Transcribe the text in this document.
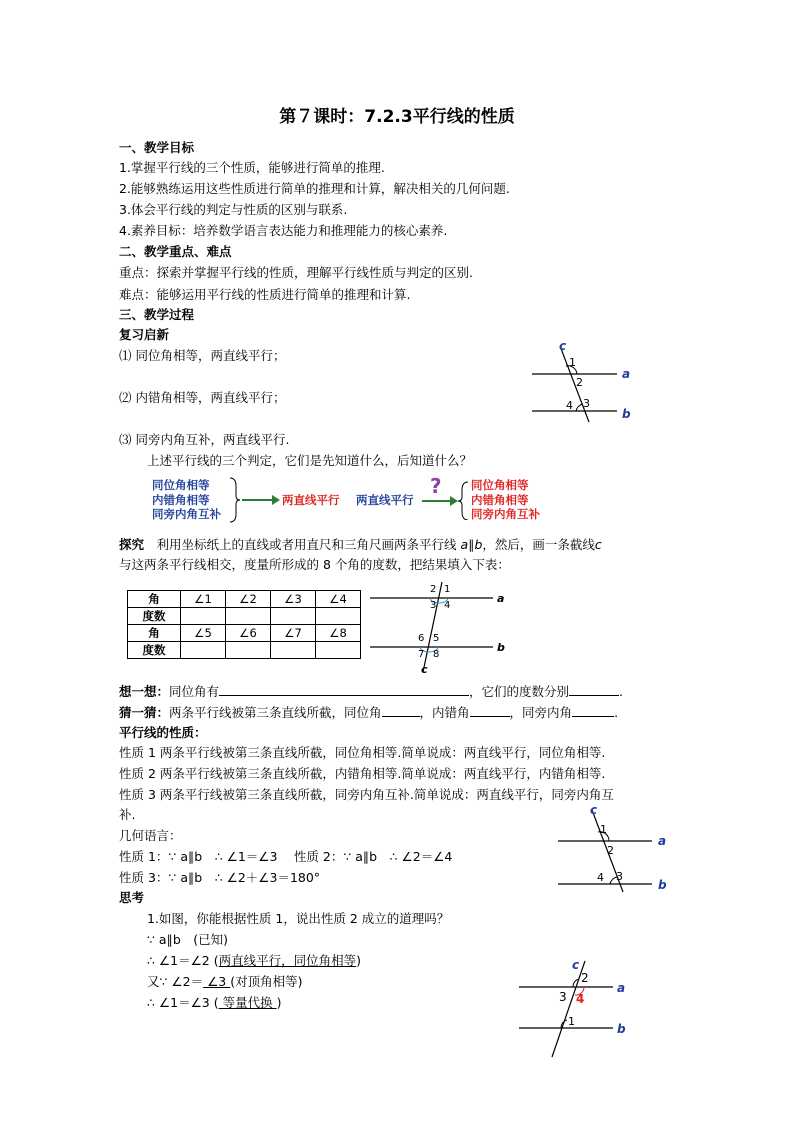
第７课时：7.2.3平行线的性质
一、教学目标
1.掌握平行线的三个性质，能够进行简单的推理.
2.能够熟练运用这些性质进行简单的推理和计算，解决相关的几何问题.
3.体会平行线的判定与性质的区别与联系.
4.素养目标：培养数学语言表达能力和推理能力的核心素养.
二、教学重点、难点
重点：探索并掌握平行线的性质，理解平行线性质与判定的区别.
难点：能够运用平行线的性质进行简单的推理和计算.
三、教学过程
复习启新
⑴ 同位角相等，两直线平行；
⑵ 内错角相等，两直线平行；
⑶ 同旁内角互补，两直线平行.
上述平行线的三个判定，它们是先知道什么，后知道什么？
c
a
b
1
2
3
4
同位角相等
内错角相等
同旁内角互补
两直线平行 两直线平行
?	同位角相等
内错角相等
同旁内角互补
探究　 利用坐标纸上的直线或者用直尺和三角尺画两条平行线 a∥b，然后，画一条截线c
与这两条平行线相交，度量所形成的 8 个角的度数，把结果填入下表：
角	∠1	∠2	∠3	∠4
度数				
角	∠5	∠6	∠7	∠8
度数				
2 1
3 4
6 5
7 8
a
b
c
想一想：同位角有	，它们的度数分别	.
猜一猜：两条平行线被第三条直线所截，同位角	，内错角	，同旁内角	.
平行线的性质：
性质 1 两条平行线被第三条直线所截，同位角相等.简单说成：两直线平行，同位角相等.
性质 2 两条平行线被第三条直线所截，内错角相等.简单说成：两直线平行，内错角相等.
性质 3 两条平行线被第三条直线所截，同旁内角互补.简单说成：两直线平行，同旁内角互
补.
几何语言：
性质 1：∵ a∥b　∴ ∠1＝∠3　 性质 2：∵ a∥b　∴ ∠2＝∠4
性质 3：∵ a∥b　∴ ∠2＋∠3＝180°
c
a
b
1
2
3
4
思考
1.如图，你能根据性质 1，说出性质 2 成立的道理吗？
∵ a∥b　(已知)
∴ ∠1＝∠2 (两直线平行，同位角相等)
又∵ ∠2＝ ∠3 (对顶角相等)
∴ ∠1＝∠3 ( 等量代换 )
c
a
b
2
3 4
1
